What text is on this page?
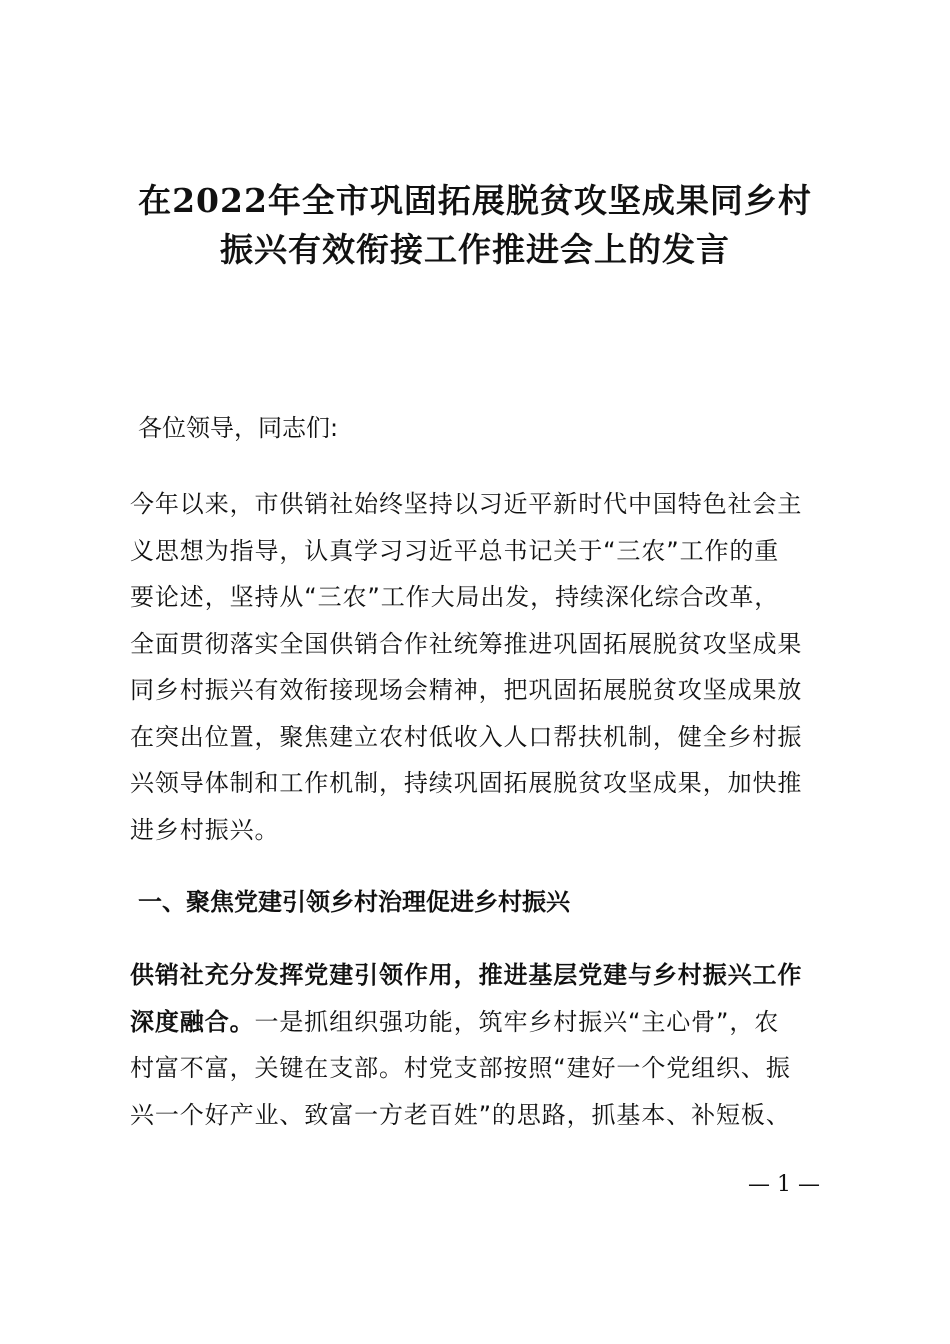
在2022年全市巩固拓展脱贫攻坚成果同乡村
振兴有效衔接工作推进会上的发言
各位领导，同志们:
今年以来，市供销社始终坚持以习近平新时代中国特色社会主
义思想为指导，认真学习习近平总书记关于“三农”工作的重
要论述，坚持从“三农”工作大局出发，持续深化综合改革，
全面贯彻落实全国供销合作社统筹推进巩固拓展脱贫攻坚成果
同乡村振兴有效衔接现场会精神，把巩固拓展脱贫攻坚成果放
在突出位置，聚焦建立农村低收入人口帮扶机制，健全乡村振
兴领导体制和工作机制，持续巩固拓展脱贫攻坚成果，加快推
进乡村振兴。
一、聚焦党建引领乡村治理促进乡村振兴
供销社充分发挥党建引领作用，推进基层党建与乡村振兴工作
深度融合。一是抓组织强功能，筑牢乡村振兴“主心骨”，农
村富不富，关键在支部。村党支部按照“建好一个党组织、振
兴一个好产业、致富一方老百姓”的思路，抓基本、补短板、
— 1 —
